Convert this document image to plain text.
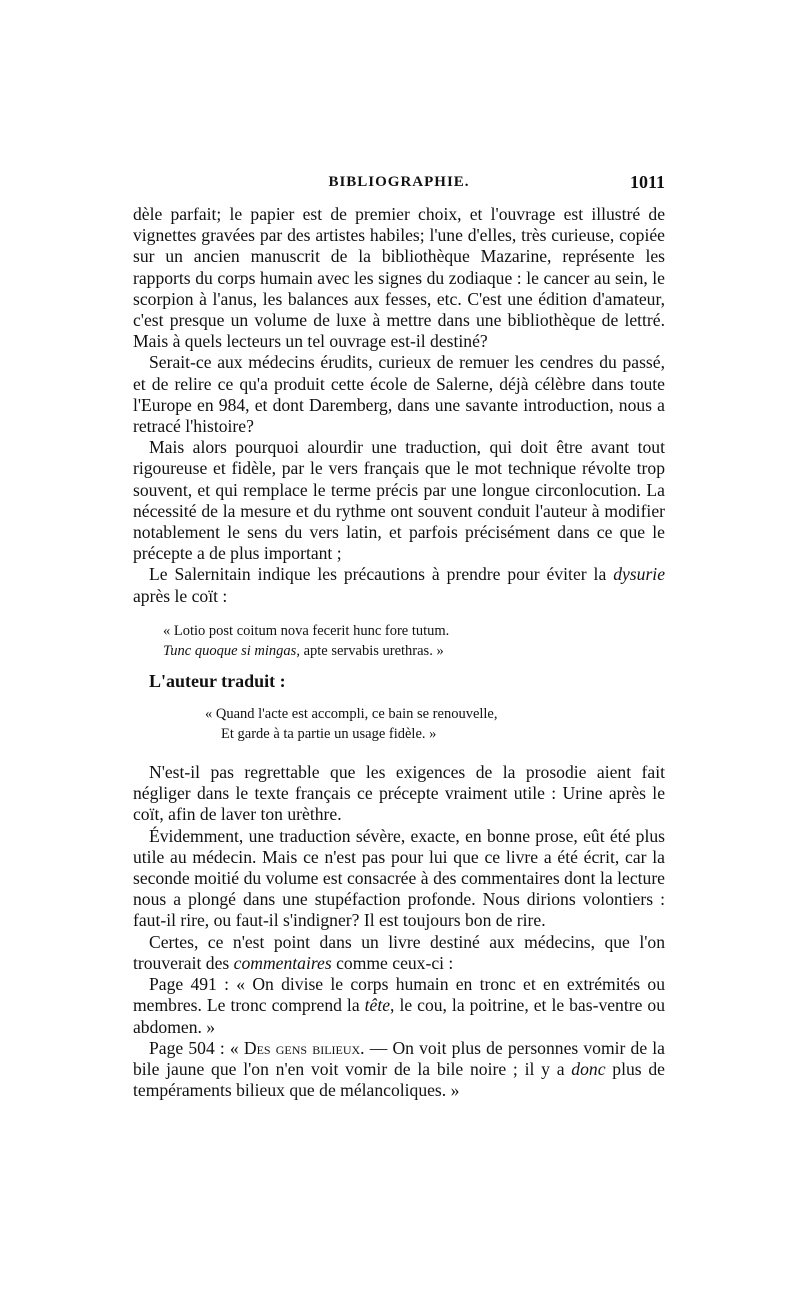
BIBLIOGRAPHIE.	1011

dèle parfait; le papier est de premier choix, et l'ouvrage est illustré de vignettes gravées par des artistes habiles; l'une d'elles, très curieuse, copiée sur un ancien manuscrit de la bibliothèque Mazarine, représente les rapports du corps humain avec les signes du zodiaque : le cancer au sein, le scorpion à l'anus, les balances aux fesses, etc. C'est une édition d'amateur, c'est presque un volume de luxe à mettre dans une bibliothèque de lettré. Mais à quels lecteurs un tel ouvrage est-il destiné?

Serait-ce aux médecins érudits, curieux de remuer les cendres du passé, et de relire ce qu'a produit cette école de Salerne, déjà célèbre dans toute l'Europe en 984, et dont Daremberg, dans une savante introduction, nous a retracé l'histoire?

Mais alors pourquoi alourdir une traduction, qui doit être avant tout rigoureuse et fidèle, par le vers français que le mot technique révolte trop souvent, et qui remplace le terme précis par une longue circonlocution. La nécessité de la mesure et du rythme ont souvent conduit l'auteur à modifier notablement le sens du vers latin, et parfois précisément dans ce que le précepte a de plus important ;

Le Salernitain indique les précautions à prendre pour éviter la dysurie après le coït :

« Lotio post coitum nova fecerit hunc fore tutum.
Tunc quoque si mingas, apte servabis urethras. »

L'auteur traduit :

« Quand l'acte est accompli, ce bain se renouvelle,
Et garde à ta partie un usage fidèle. »

N'est-il pas regrettable que les exigences de la prosodie aient fait négliger dans le texte français ce précepte vraiment utile : Urine après le coït, afin de laver ton urèthre.

Évidemment, une traduction sévère, exacte, en bonne prose, eût été plus utile au médecin. Mais ce n'est pas pour lui que ce livre a été écrit, car la seconde moitié du volume est consacrée à des commentaires dont la lecture nous a plongé dans une stupéfaction profonde. Nous dirions volontiers : faut-il rire, ou faut-il s'indigner? Il est toujours bon de rire.

Certes, ce n'est point dans un livre destiné aux médecins, que l'on trouverait des commentaires comme ceux-ci :

Page 491 : « On divise le corps humain en tronc et en extrémités ou membres. Le tronc comprend la tête, le cou, la poitrine, et le bas-ventre ou abdomen. »

Page 504 : « Des gens bilieux. — On voit plus de personnes vomir de la bile jaune que l'on n'en voit vomir de la bile noire ; il y a donc plus de tempéraments bilieux que de mélancoliques. »
